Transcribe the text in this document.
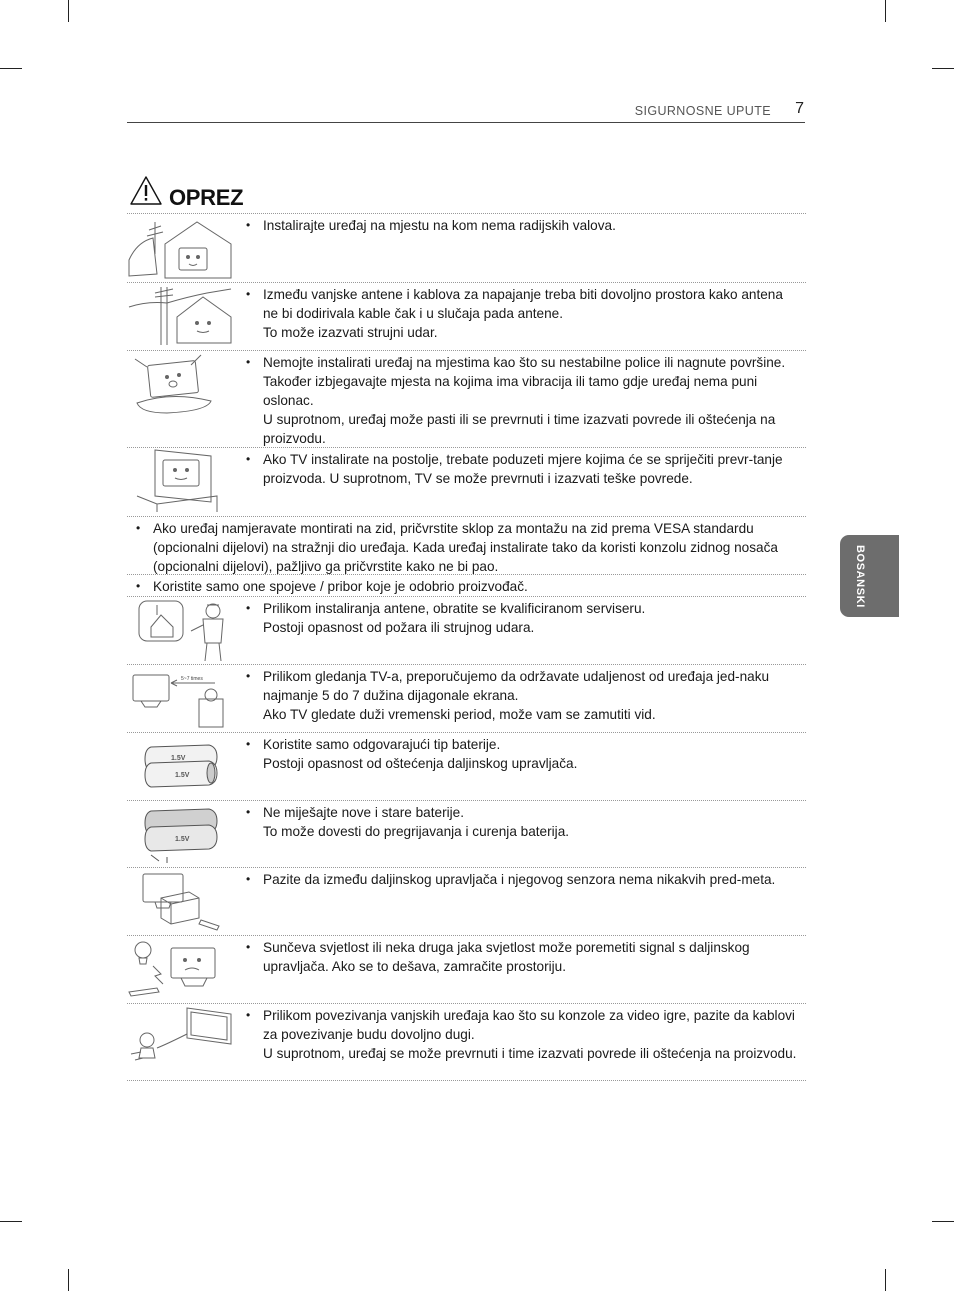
SIGURNOSNE UPUTE 7
BOSANSKI
OPREZ
• Instalirajte uređaj na mjestu na kom nema radijskih valova.
• Između vanjske antene i kablova za napajanje treba biti dovoljno prostora kako antena ne bi dodirivala kable čak i u slučaja pada antene.
To može izazvati strujni udar.
• Nemojte instalirati uređaj na mjestima kao što su nestabilne police ili nagnute površine. Također izbjegavajte mjesta na kojima ima vibracija ili tamo gdje uređaj nema puni oslonac.
U suprotnom, uređaj može pasti ili se prevrnuti i time izazvati povrede ili oštećenja na proizvodu.
• Ako TV instalirate na postolje, trebate poduzeti mjere kojima će se spriječiti prevr-tanje proizvoda. U suprotnom, TV se može prevrnuti i izazvati teške povrede.
• Ako uređaj namjeravate montirati na zid, pričvrstite sklop za montažu na zid prema VESA standardu (opcionalni dijelovi) na stražnji dio uređaja. Kada uređaj instalirate tako da koristi konzolu zidnog nosača (opcionalni dijelovi), pažljivo ga pričvrstite kako ne bi pao.
• Koristite samo one spojeve / pribor koje je odobrio proizvođač.
• Prilikom instaliranja antene, obratite se kvalificiranom serviseru.
Postoji opasnost od požara ili strujnog udara.
5~7 times	• Prilikom gledanja TV-a, preporučujemo da održavate udaljenost od uređaja jed-naku najmanje 5 do 7 dužina dijagonale ekrana.
Ako TV gledate duži vremenski period, može vam se zamutiti vid.
1.5V
1.5V
• Koristite samo odgovarajući tip baterije.
Postoji opasnost od oštećenja daljinskog upravljača.
1.5V
• Ne miješajte nove i stare baterije.
To može dovesti do pregrijavanja i curenja baterija.
• Pazite da između daljinskog upravljača i njegovog senzora nema nikakvih pred-meta.
• Sunčeva svjetlost ili neka druga jaka svjetlost može poremetiti signal s daljinskog upravljača. Ako se to dešava, zamračite prostoriju.
• Prilikom povezivanja vanjskih uređaja kao što su konzole za video igre, pazite da kablovi za povezivanje budu dovoljno dugi.
U suprotnom, uređaj se može prevrnuti i time izazvati povrede ili oštećenja na proizvodu.
